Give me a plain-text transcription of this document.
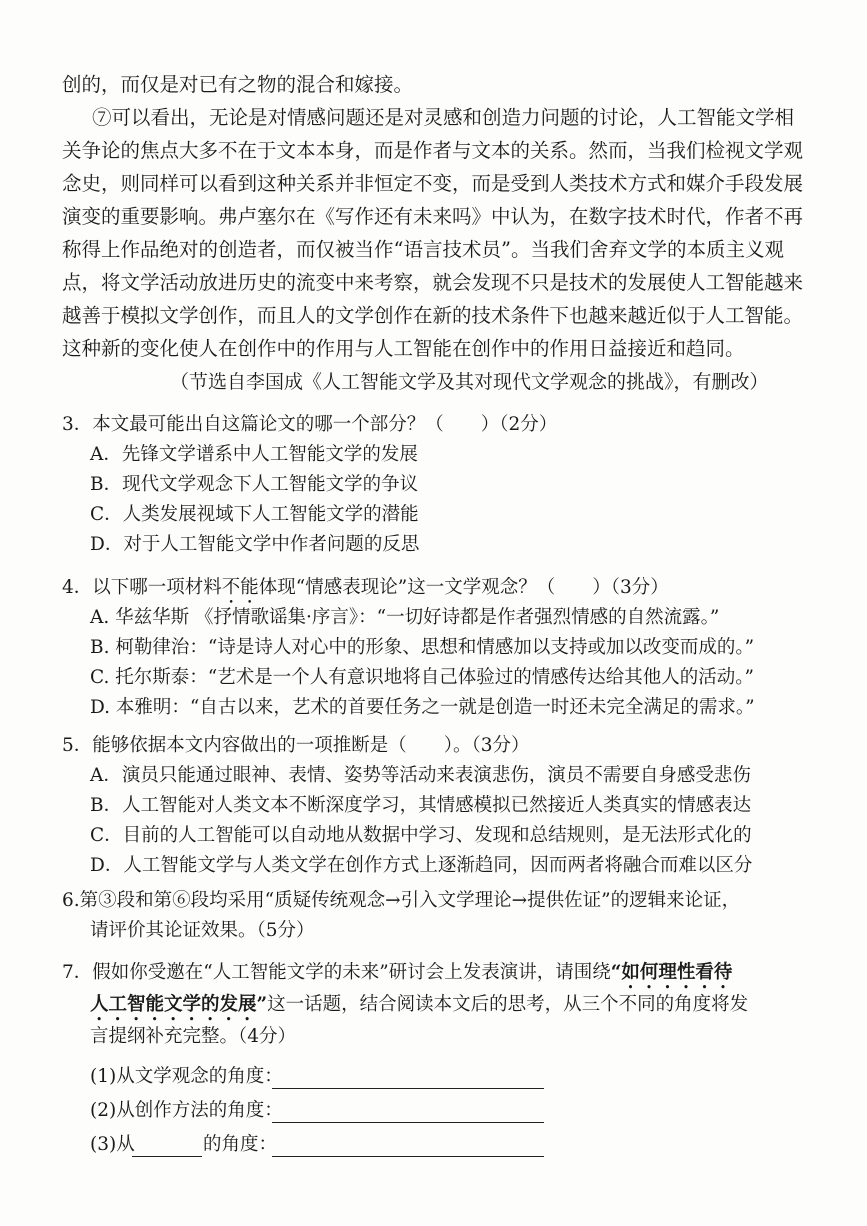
创的，而仅是对已有之物的混合和嫁接。
⑦可以看出，无论是对情感问题还是对灵感和创造力问题的讨论，人工智能文学相
关争论的焦点大多不在于文本本身，而是作者与文本的关系。然而，当我们检视文学观
念史，则同样可以看到这种关系并非恒定不变，而是受到人类技术方式和媒介手段发展
演变的重要影响。弗卢塞尔在《写作还有未来吗》中认为，在数字技术时代，作者不再
称得上作品绝对的创造者，而仅被当作“语言技术员”。当我们舍弃文学的本质主义观
点，将文学活动放进历史的流变中来考察，就会发现不只是技术的发展使人工智能越来
越善于模拟文学创作，而且人的文学创作在新的技术条件下也越来越近似于人工智能。
这种新的变化使人在创作中的作用与人工智能在创作中的作用日益接近和趋同。
（节选自李国成《人工智能文学及其对现代文学观念的挑战》，有删改）
3．本文最可能出自这篇论文的哪一个部分？（　　）（2分）
A．先锋文学谱系中人工智能文学的发展
B．现代文学观念下人工智能文学的争议
C．人类发展视域下人工智能文学的潜能
D．对于人工智能文学中作者问题的反思
4．以下哪一项材料不能体现“情感表现论”这一文学观念？（　　）（3分）
A. 华兹华斯 《抒情歌谣集·序言》：“一切好诗都是作者强烈情感的自然流露。”
B. 柯勒律治：“诗是诗人对心中的形象、思想和情感加以支持或加以改变而成的。”
C. 托尔斯泰：“艺术是一个人有意识地将自己体验过的情感传达给其他人的活动。”
D. 本雅明：“自古以来，艺术的首要任务之一就是创造一时还未完全满足的需求。”
5．能够依据本文内容做出的一项推断是（　　）。（3分）
A．演员只能通过眼神、表情、姿势等活动来表演悲伤，演员不需要自身感受悲伤
B．人工智能对人类文本不断深度学习，其情感模拟已然接近人类真实的情感表达
C．目前的人工智能可以自动地从数据中学习、发现和总结规则，是无法形式化的
D．人工智能文学与人类文学在创作方式上逐渐趋同，因而两者将融合而难以区分
6.第③段和第⑥段均采用“质疑传统观念→引入文学理论→提供佐证”的逻辑来论证，
请评价其论证效果。（5分）
7．假如你受邀在“人工智能文学的未来”研讨会上发表演讲，请围绕“如何理性看待
人工智能文学的发展”这一话题，结合阅读本文后的思考，从三个不同的角度将发
言提纲补充完整。（4分）
(1)从文学观念的角度：
(2)从创作方法的角度：
(3)从	的角度：
